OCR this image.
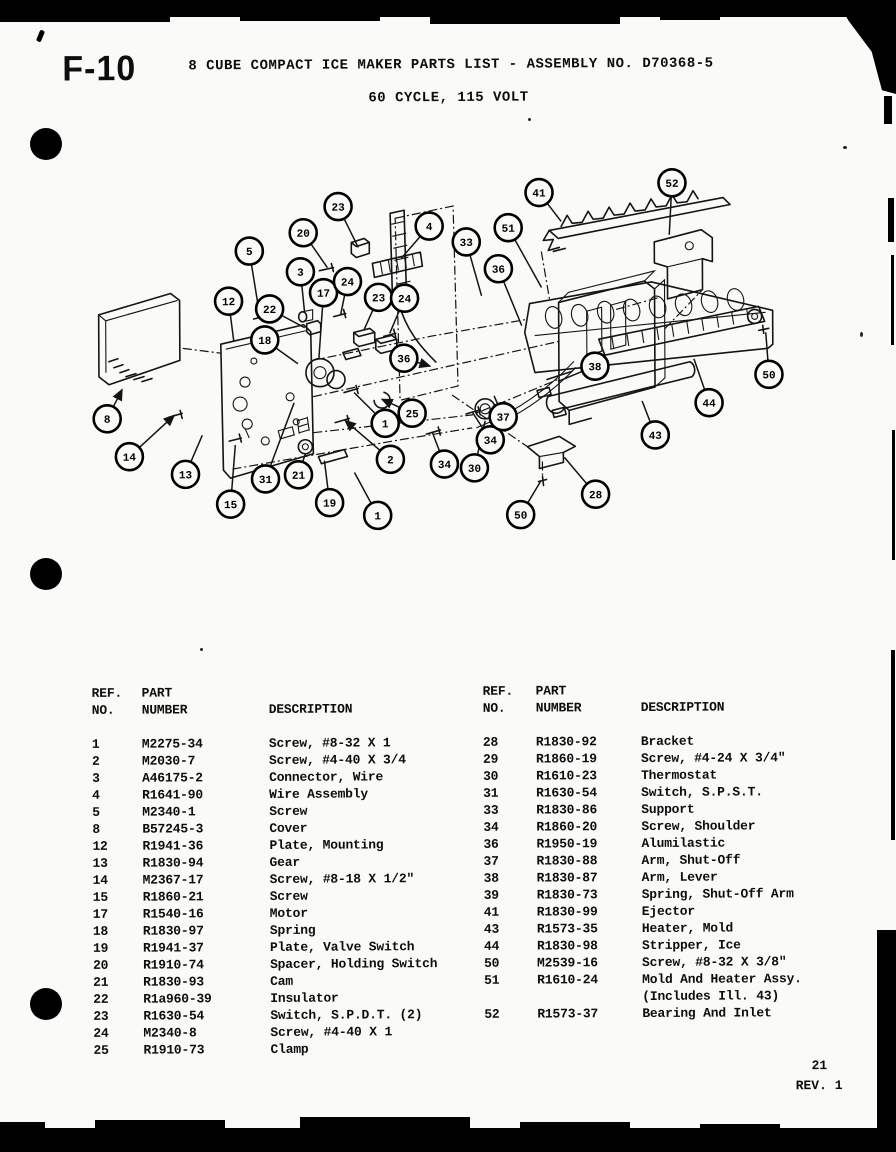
F-10	8 CUBE COMPACT ICE MAKER PARTS LIST - ASSEMBLY NO. D70368-5
60 CYCLE, 115 VOLT
20
23
4
5
3
17
24
23 24
12
22
18
33
51
36
41
52
38
36
25
1
2	34 30
34
37
8
14
13
15
31 21
19
1
44
50
43
28
50
REF.	PART
NO.	NUMBER	DESCRIPTION
1	M2275-34	Screw, #8-32 X 1
2	M2030-7	Screw, #4-40 X 3/4
3	A46175-2	Connector, Wire
4	R1641-90	Wire Assembly
5	M2340-1	Screw
8	B57245-3	Cover
12	R1941-36	Plate, Mounting
13	R1830-94	Gear
14	M2367-17	Screw, #8-18 X 1/2"
15	R1860-21	Screw
17	R1540-16	Motor
18	R1830-97	Spring
19	R1941-37	Plate, Valve Switch
20	R1910-74	Spacer, Holding Switch
21	R1830-93	Cam
22	R1a960-39	Insulator
23	R1630-54	Switch, S.P.D.T. (2)
24	M2340-8	Screw, #4-40 X 1
25	R1910-73	Clamp
REF.	PART
NO.	NUMBER	DESCRIPTION
28	R1830-92	Bracket
29	R1860-19	Screw, #4-24 X 3/4"
30	R1610-23	Thermostat
31	R1630-54	Switch, S.P.S.T.
33	R1830-86	Support
34	R1860-20	Screw, Shoulder
36	R1950-19	Alumilastic
37	R1830-88	Arm, Shut-Off
38	R1830-87	Arm, Lever
39	R1830-73	Spring, Shut-Off Arm
41	R1830-99	Ejector
43	R1573-35	Heater, Mold
44	R1830-98	Stripper, Ice
50	M2539-16	Screw, #8-32 X 3/8"
51	R1610-24	Mold And Heater Assy.
(Includes Ill. 43)
52	R1573-37	Bearing And Inlet
21
REV. 1
